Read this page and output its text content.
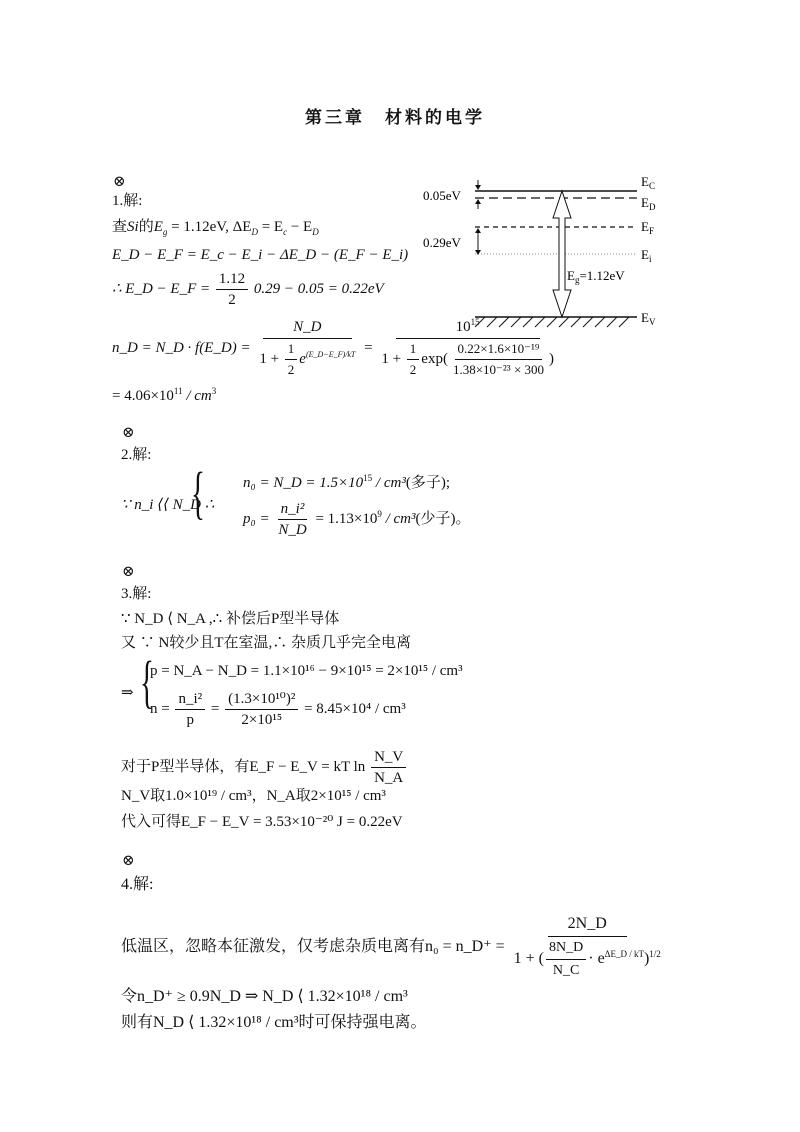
第三章　材料的电学
⊗
1.解:
查Si的$E_g = 1.12eV$, $\Delta E_D = E_c - E_D$
E_D − E_F = E_c − E_i − ΔE_D − (E_F − E_i)
∴ E_D − E_F = $\frac{1.12}{2} 0.29 - 0.05 = 0.22eV$
n_D = N_D · f(E_D) = $\frac{N\_D}{1 + \frac{1}{2} e^{(E\_D-E\_F)/kT}} = \frac{10^{15}}{1 + \frac{1}{2} \exp( \frac{\text{0.22×1.6×10⁻¹⁹}}{\text{1.38×10⁻²³ × 300}} )}$
= $4.06\times 10^{11} / cm^3$
0.05eV
0.29eV
$E_C$
$E_D$
$E_F$
$E_i$
$E_V$
$E_g=1.12eV$
⊗
2.解:
∵ n_i ⟨⟨ N_D ∴
{	n₀ = N_D = $1.5\times 10^{15} / cm^3$(多子);
$p_0 = \frac{\text{n\_i²}}{N\_D} = 1.13\times 10^9 / cm^3$(少子)。
⊗
3.解:
∵ N_D ⟨ N_A ,∴ 补偿后P型半导体
又 ∵ N较少且T在室温,∴ 杂质几乎完全电离
⇒ {
p = N_A − N_D = 1.1×10¹⁶ − 9×10¹⁵ = 2×10¹⁵ / cm³
$n = \frac{\text{n\_i²}}{p} = \frac{\text{(1.3×10¹⁰)²}}{\text{2×10¹⁵}} = 8.45\times 10^4 / cm^3$
对于P型半导体，有E_F − E_V = kT $\ln \frac{N\_V}{N\_A}$
N_V取1.0×10¹⁹ / cm³，N_A取2×10¹⁵ / cm³
代入可得E_F − E_V = 3.53×10⁻²⁰ J = 0.22eV
⊗
4.解:
低温区，忽略本征激发，仅考虑杂质电离有n₀ = n_D⁺ = $\frac{2N\_D}{1 + ( \frac{8N\_D}{N\_C} \cdot e^{\Delta E\_D / kT})^{1/2}}$
令n_D⁺ ≥ 0.9N_D ⇒ N_D ⟨ 1.32×10¹⁸ / cm³
则有N_D ⟨ 1.32×10¹⁸ / cm³时可保持强电离。
